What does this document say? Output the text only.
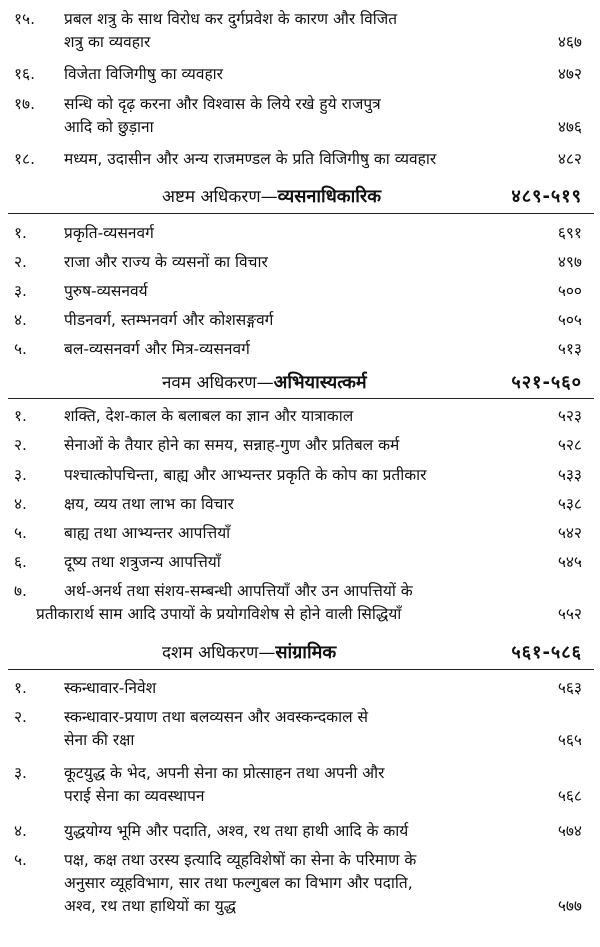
१५. प्रबल शत्रु के साथ विरोध कर दुर्गप्रवेश के कारण और विजित
शत्रु का व्यवहार	४६७
१६. विजेता विजिगीषु का व्यवहार	४७२
१७. सन्धि को दृढ़ करना और विश्वास के लिये रखे हुये राजपुत्र
आदि को छुड़ाना	४७६
१८. मध्यम, उदासीन और अन्य राजमण्डल के प्रति विजिगीषु का व्यवहार	४८२
अष्टम अधिकरण—व्यसनाधिकारिक	४८९-५१९
१. प्रकृति-व्यसनवर्ग	६९१
२. राजा और राज्य के व्यसनों का विचार	४९७
३. पुरुष-व्यसनवर्य	५००
४. पीडनवर्ग, स्तम्भनवर्ग और कोशसङ्गवर्ग	५०५
५. बल-व्यसनवर्ग और मित्र-व्यसनवर्ग	५१३
नवम अधिकरण—अभियास्यत्कर्म	५२१-५६०
१. शक्ति, देश-काल के बलाबल का ज्ञान और यात्राकाल	५२३
२. सेनाओं के तैयार होने का समय, सन्नाह-गुण और प्रतिबल कर्म	५२८
३. पश्चात्कोपचिन्ता, बाह्य और आभ्यन्तर प्रकृति के कोप का प्रतीकार	५३३
४. क्षय, व्यय तथा लाभ का विचार	५३८
५. बाह्य तथा आभ्यन्तर आपत्तियाँ	५४२
६. दूष्य तथा शत्रुजन्य आपत्तियाँ	५४५
७. अर्थ-अनर्थ तथा संशय-सम्बन्धी आपत्तियाँ और उन आपत्तियों के
प्रतीकारार्थ साम आदि उपायों के प्रयोगविशेष से होने वाली सिद्धियाँ	५५२
दशम अधिकरण—सांग्रामिक	५६१-५८६
१. स्कन्धावार-निवेश	५६३
२. स्कन्धावार-प्रयाण तथा बलव्यसन और अवस्कन्दकाल से
सेना की रक्षा	५६५
३. कूटयुद्ध के भेद, अपनी सेना का प्रोत्साहन तथा अपनी और
पराई सेना का व्यवस्थापन	५६८
४. युद्धयोग्य भूमि और पदाति, अश्व, रथ तथा हाथी आदि के कार्य	५७४
५. पक्ष, कक्ष तथा उरस्य इत्यादि व्यूहविशेषों का सेना के परिमाण के
अनुसार व्यूहविभाग, सार तथा फल्गुबल का विभाग और पदाति,
अश्व, रथ तथा हाथियों का युद्ध	५७७
